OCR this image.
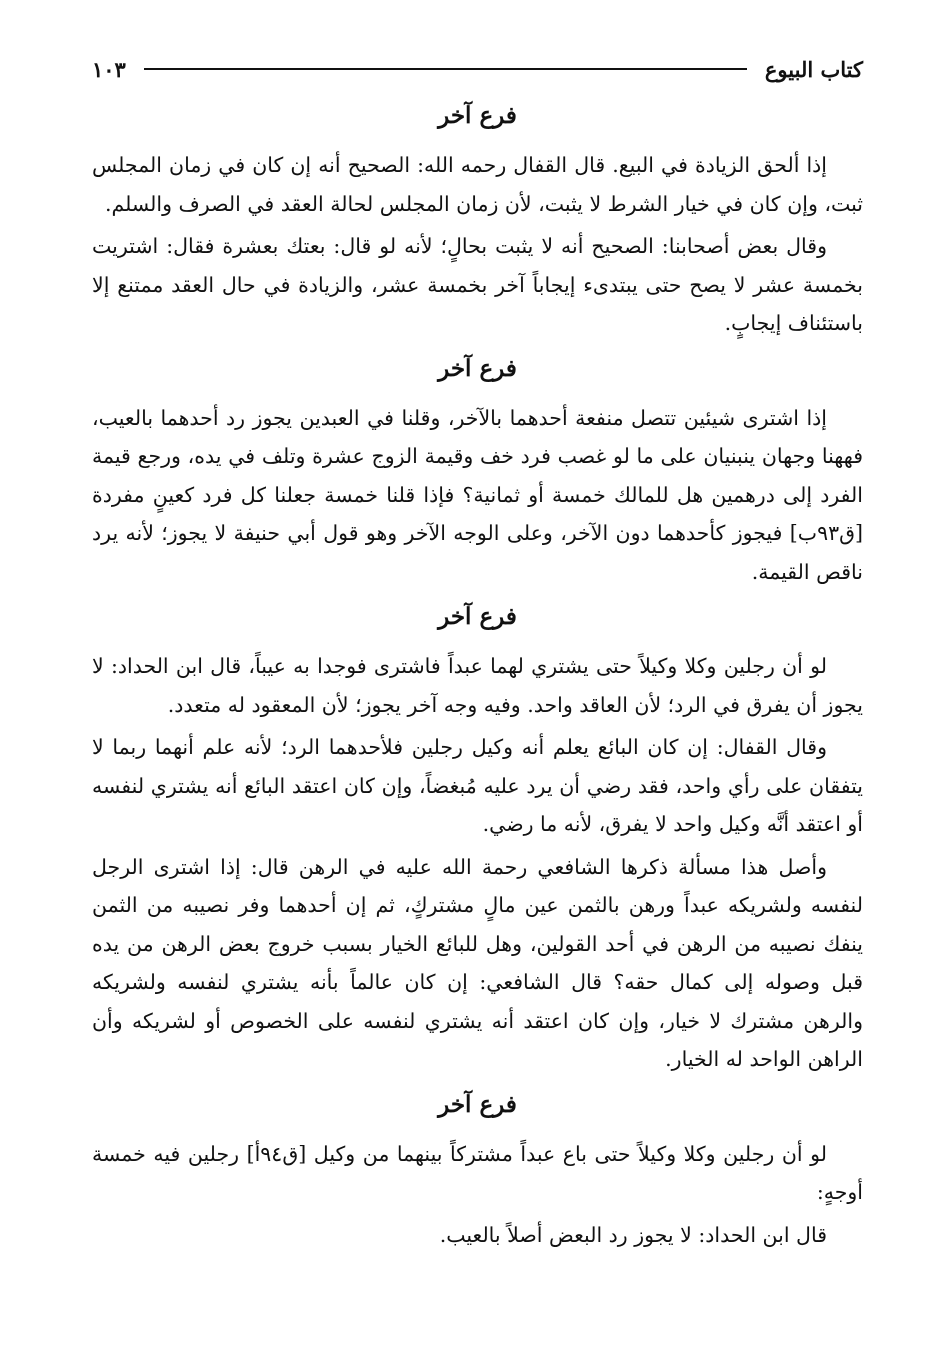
كتاب البيوع
١٠٣
فرع آخر

إذا ألحق الزيادة في البيع. قال القفال رحمه الله: الصحيح أنه إن كان في زمان المجلس ثبت، وإن كان في خيار الشرط لا يثبت، لأن زمان المجلس لحالة العقد في الصرف والسلم.

وقال بعض أصحابنا: الصحيح أنه لا يثبت بحالٍ؛ لأنه لو قال: بعتك بعشرة فقال: اشتريت بخمسة عشر لا يصح حتى يبتدىء إيجاباً آخر بخمسة عشر، والزيادة في حال العقد ممتنع إلا باستئناف إيجابٍ.

فرع آخر

إذا اشترى شيئين تتصل منفعة أحدهما بالآخر، وقلنا في العبدين يجوز رد أحدهما بالعيب، فههنا وجهان ينبنيان على ما لو غصب فرد خف وقيمة الزوج عشرة وتلف في يده، ورجع قيمة الفرد إلى درهمين هل للمالك خمسة أو ثمانية؟ فإذا قلنا خمسة جعلنا كل فرد كعينٍ مفردة [ق٩٣ب] فيجوز كأحدهما دون الآخر، وعلى الوجه الآخر وهو قول أبي حنيفة لا يجوز؛ لأنه يرد ناقص القيمة.

فرع آخر

لو أن رجلين وكلا وكيلاً حتى يشتري لهما عبداً فاشترى فوجدا به عيباً، قال ابن الحداد: لا يجوز أن يفرق في الرد؛ لأن العاقد واحد. وفيه وجه آخر يجوز؛ لأن المعقود له متعدد.

وقال القفال: إن كان البائع يعلم أنه وكيل رجلين فلأحدهما الرد؛ لأنه علم أنهما ربما لا يتفقان على رأي واحد، فقد رضي أن يرد عليه مُبغضاً، وإن كان اعتقد البائع أنه يشتري لنفسه أو اعتقد أنَّه وكيل واحد لا يفرق، لأنه ما رضي.

وأصل هذا مسألة ذكرها الشافعي رحمة الله عليه في الرهن قال: إذا اشترى الرجل لنفسه ولشريكه عبداً ورهن بالثمن عين مالٍ مشتركٍ، ثم إن أحدهما وفر نصيبه من الثمن ينفك نصيبه من الرهن في أحد القولين، وهل للبائع الخيار بسبب خروج بعض الرهن من يده قبل وصوله إلى كمال حقه؟ قال الشافعي: إن كان عالماً بأنه يشتري لنفسه ولشريكه والرهن مشترك لا خيار، وإن كان اعتقد أنه يشتري لنفسه على الخصوص أو لشريكه وأن الراهن الواحد له الخيار.

فرع آخر

لو أن رجلين وكلا وكيلاً حتى باع عبداً مشتركاً بينهما من وكيل [ق٩٤أ] رجلين فيه خمسة أوجهٍ:

قال ابن الحداد: لا يجوز رد البعض أصلاً بالعيب.
